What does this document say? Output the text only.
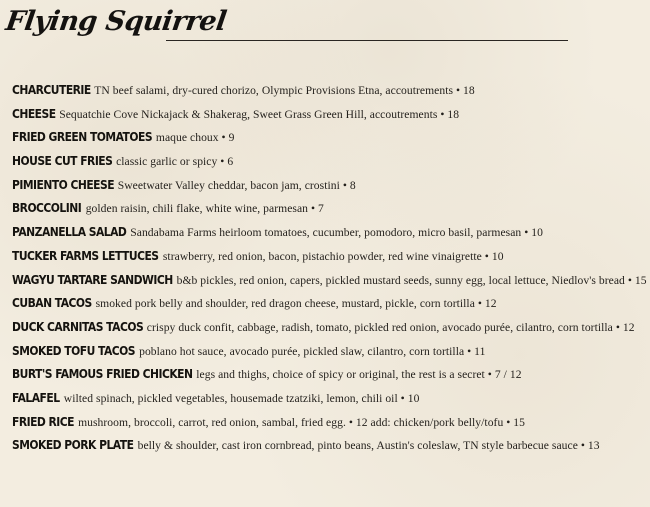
Flying Squirrel
CHARCUTERIE TN beef salami, dry-cured chorizo, Olympic Provisions Etna, accoutrements • 18
CHEESE Sequatchie Cove Nickajack & Shakerag, Sweet Grass Green Hill, accoutrements • 18
FRIED GREEN TOMATOES maque choux • 9
HOUSE CUT FRIES classic garlic or spicy • 6
PIMIENTO CHEESE Sweetwater Valley cheddar, bacon jam, crostini • 8
BROCCOLINI golden raisin, chili flake, white wine, parmesan • 7
PANZANELLA SALAD Sandabama Farms heirloom tomatoes, cucumber, pomodoro, micro basil, parmesan • 10
TUCKER FARMS LETTUCES strawberry, red onion, bacon, pistachio powder, red wine vinaigrette • 10
WAGYU TARTARE SANDWICH b&b pickles, red onion, capers, pickled mustard seeds, sunny egg, local lettuce, Niedlov's bread • 15
CUBAN TACOS smoked pork belly and shoulder, red dragon cheese, mustard, pickle, corn tortilla • 12
DUCK CARNITAS TACOS crispy duck confit, cabbage, radish, tomato, pickled red onion, avocado purée, cilantro, corn tortilla • 12
SMOKED TOFU TACOS poblano hot sauce, avocado purée, pickled slaw, cilantro, corn tortilla • 11
BURT'S FAMOUS FRIED CHICKEN legs and thighs, choice of spicy or original, the rest is a secret • 7 / 12
FALAFEL wilted spinach, pickled vegetables, housemade tzatziki, lemon, chili oil • 10
FRIED RICE mushroom, broccoli, carrot, red onion, sambal, fried egg. • 12 add: chicken/pork belly/tofu • 15
SMOKED PORK PLATE belly & shoulder, cast iron cornbread, pinto beans, Austin's coleslaw, TN style barbecue sauce • 13
